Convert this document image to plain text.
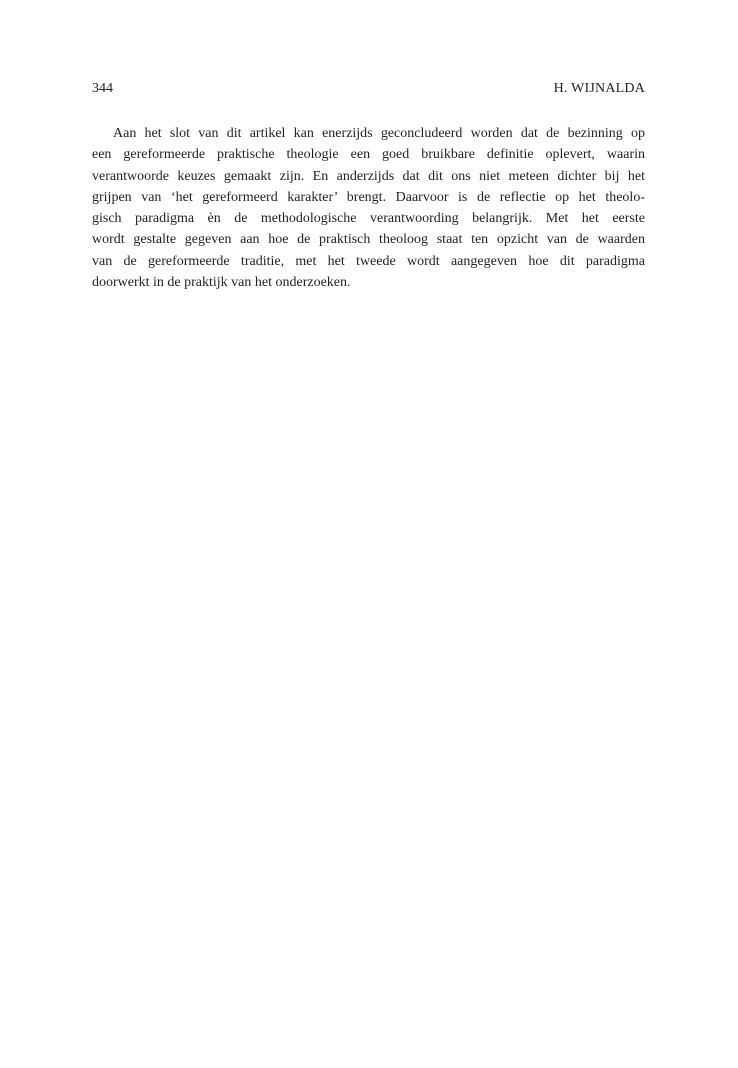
344	H. WIJNALDA
Aan het slot van dit artikel kan enerzijds geconcludeerd worden dat de bezinning op
een gereformeerde praktische theologie een goed bruikbare definitie oplevert, waarin
verantwoorde keuzes gemaakt zijn. En anderzijds dat dit ons niet meteen dichter bij het
grijpen van ‘het gereformeerd karakter’ brengt. Daarvoor is de reflectie op het theolo-
gisch paradigma èn de methodologische verantwoording belangrijk. Met het eerste
wordt gestalte gegeven aan hoe de praktisch theoloog staat ten opzicht van de waarden
van de gereformeerde traditie, met het tweede wordt aangegeven hoe dit paradigma
doorwerkt in de praktijk van het onderzoeken.
